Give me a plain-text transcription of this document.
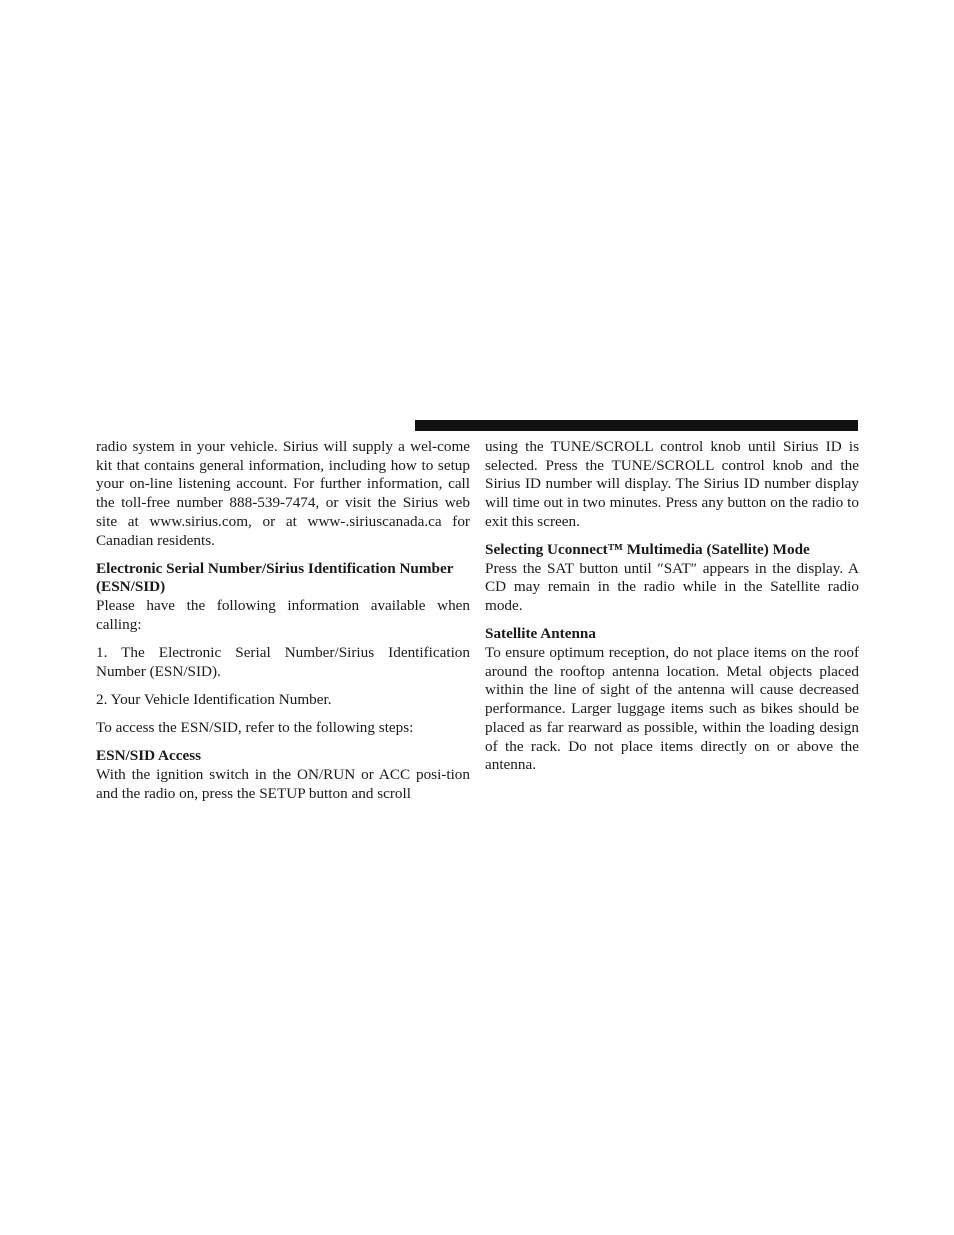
radio system in your vehicle. Sirius will supply a wel-come kit that contains general information, including how to setup your on-line listening account. For further information, call the toll-free number 888-539-7474, or visit the Sirius web site at www.sirius.com, or at www-.siriuscanada.ca for Canadian residents.

Electronic Serial Number/Sirius Identification Number (ESN/SID)

Please have the following information available when calling:

1. The Electronic Serial Number/Sirius Identification Number (ESN/SID).

2. Your Vehicle Identification Number.

To access the ESN/SID, refer to the following steps:

ESN/SID Access

With the ignition switch in the ON/RUN or ACC posi-tion and the radio on, press the SETUP button and scroll

using the TUNE/SCROLL control knob until Sirius ID is selected. Press the TUNE/SCROLL control knob and the Sirius ID number will display. The Sirius ID number display will time out in two minutes. Press any button on the radio to exit this screen.

Selecting Uconnect™ Multimedia (Satellite) Mode

Press the SAT button until ″SAT″ appears in the display. A CD may remain in the radio while in the Satellite radio mode.

Satellite Antenna

To ensure optimum reception, do not place items on the roof around the rooftop antenna location. Metal objects placed within the line of sight of the antenna will cause decreased performance. Larger luggage items such as bikes should be placed as far rearward as possible, within the loading design of the rack. Do not place items directly on or above the antenna.
